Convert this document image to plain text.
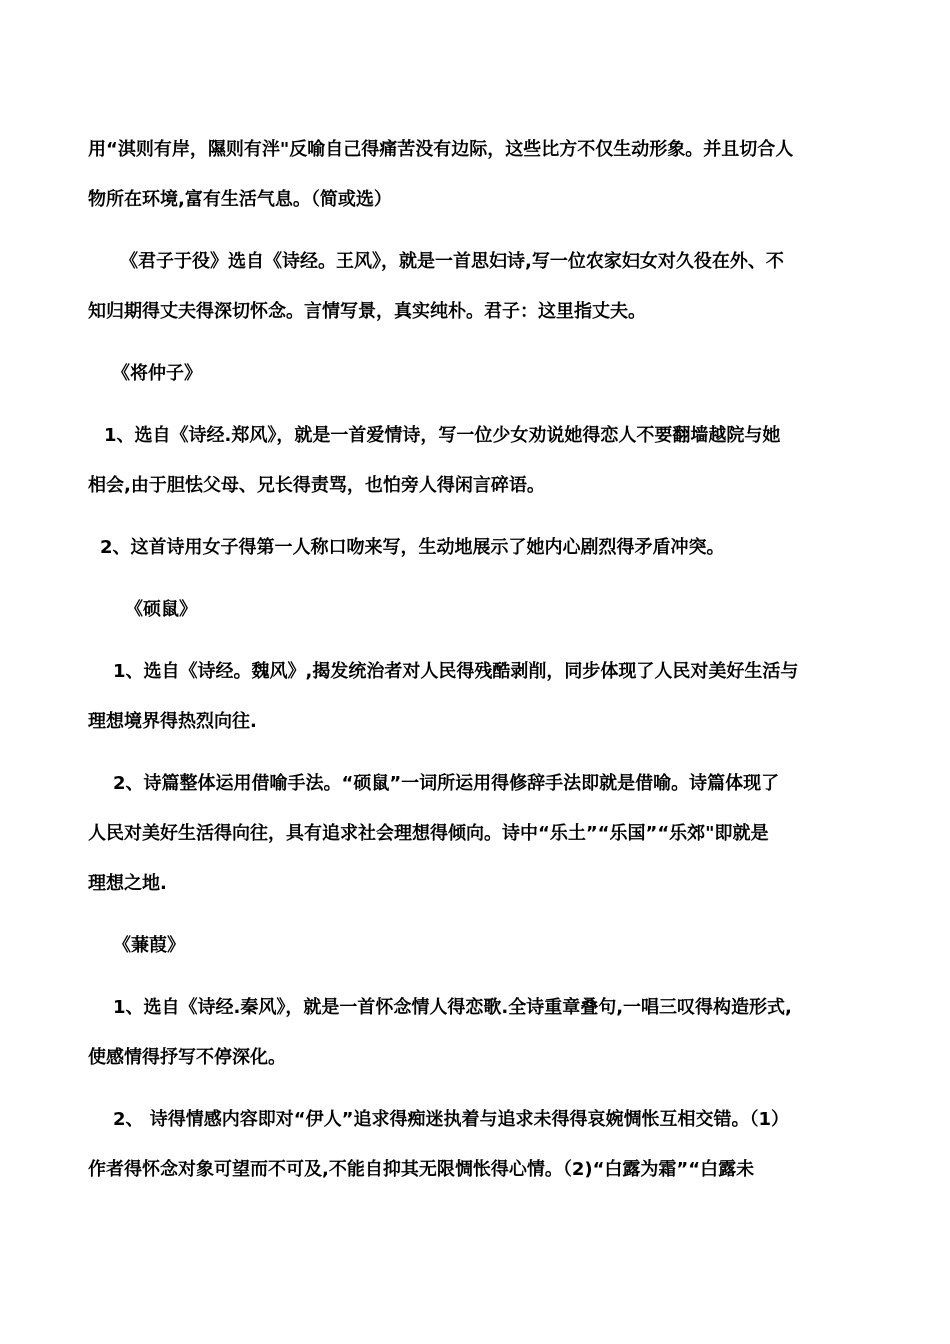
用“淇则有岸，隰则有泮"反喻自己得痛苦没有边际，这些比方不仅生动形象。并且切合人
物所在环境,富有生活气息。（简或选）
《君子于役》选自《诗经。王风》，就是一首思妇诗,写一位农家妇女对久役在外、不
知归期得丈夫得深切怀念。言情写景，真实纯朴。君子：这里指丈夫。
《将仲子》
1、选自《诗经.郑风》，就是一首爱情诗，写一位少女劝说她得恋人不要翻墙越院与她
相会,由于胆怯父母、兄长得责骂，也怕旁人得闲言碎语。
2、这首诗用女子得第一人称口吻来写，生动地展示了她内心剧烈得矛盾冲突。
《硕鼠》
1、选自《诗经。魏风》,揭发统治者对人民得残酷剥削，同步体现了人民对美好生活与
理想境界得热烈向往.
2、诗篇整体运用借喻手法。“硕鼠”一词所运用得修辞手法即就是借喻。诗篇体现了
人民对美好生活得向往，具有追求社会理想得倾向。诗中“乐土”“乐国”“乐郊"即就是
理想之地.
《蒹葭》
1、选自《诗经.秦风》，就是一首怀念情人得恋歌.全诗重章叠句,一唱三叹得构造形式,
使感情得抒写不停深化。
2、 诗得情感内容即对“伊人”追求得痴迷执着与追求未得得哀婉惆怅互相交错。（1）
作者得怀念对象可望而不可及,不能自抑其无限惆怅得心情。（2)“白露为霜”“白露未
